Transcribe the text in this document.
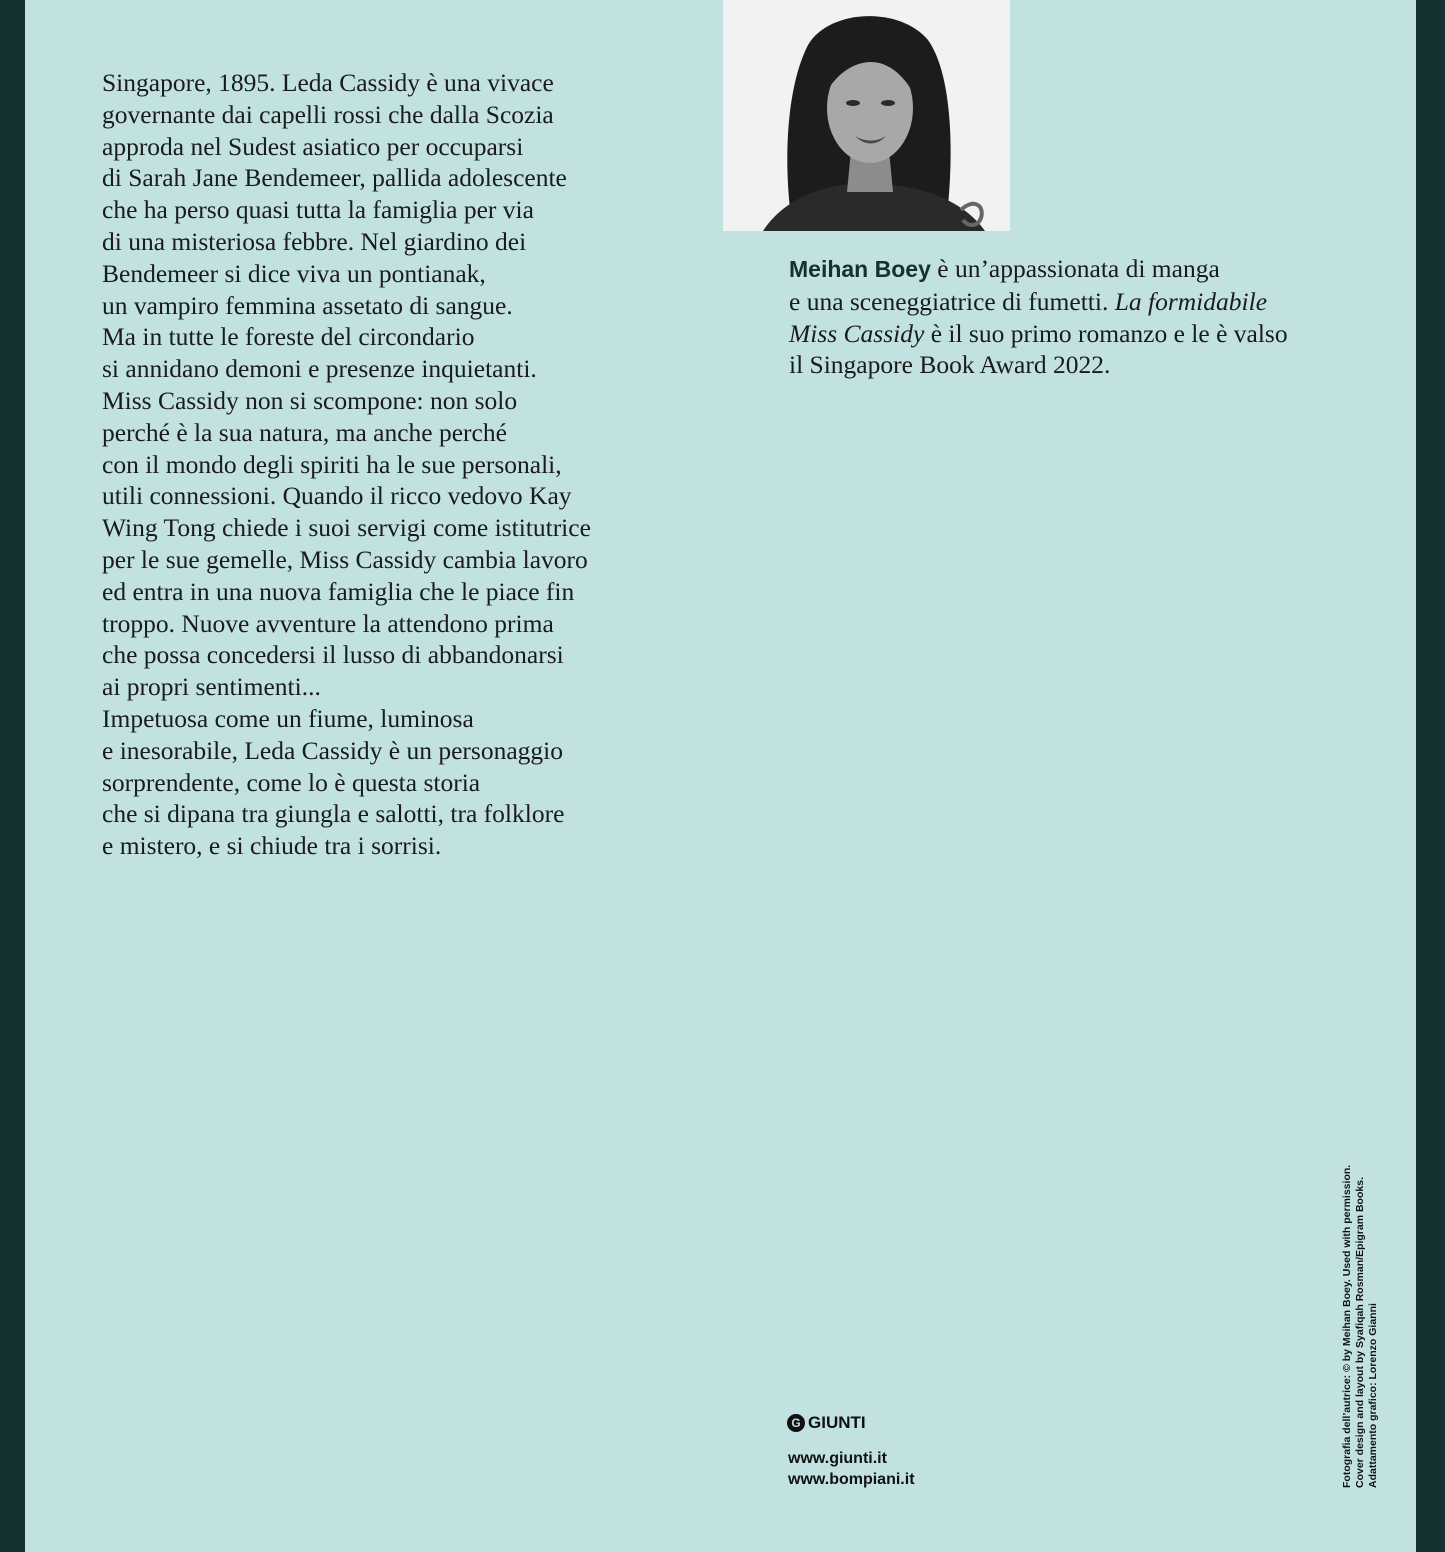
Singapore, 1895. Leda Cassidy è una vivace
governante dai capelli rossi che dalla Scozia
approda nel Sudest asiatico per occuparsi
di Sarah Jane Bendemeer, pallida adolescente
che ha perso quasi tutta la famiglia per via
di una misteriosa febbre. Nel giardino dei
Bendemeer si dice viva un pontianak,
un vampiro femmina assetato di sangue.
Ma in tutte le foreste del circondario
si annidano demoni e presenze inquietanti.
Miss Cassidy non si scompone: non solo
perché è la sua natura, ma anche perché
con il mondo degli spiriti ha le sue personali,
utili connessioni. Quando il ricco vedovo Kay
Wing Tong chiede i suoi servigi come istitutrice
per le sue gemelle, Miss Cassidy cambia lavoro
ed entra in una nuova famiglia che le piace fin
troppo. Nuove avventure la attendono prima
che possa concedersi il lusso di abbandonarsi
ai propri sentimenti...
Impetuosa come un fiume, luminosa
e inesorabile, Leda Cassidy è un personaggio
sorprendente, come lo è questa storia
che si dipana tra giungla e salotti, tra folklore
e mistero, e si chiude tra i sorrisi.
Meihan Boey è un’appassionata di manga
e una sceneggiatrice di fumetti. La formidabile
Miss Cassidy è il suo primo romanzo e le è valso
il Singapore Book Award 2022.
G GIUNTI
www.giunti.it
www.bompiani.it	Fotografia dell’autrice: © by Meihan Boey. Used with permission. Cover design and layout by Syafiqah Rosman/Epigram Books. Adattamento grafico: Lorenzo Gianni
